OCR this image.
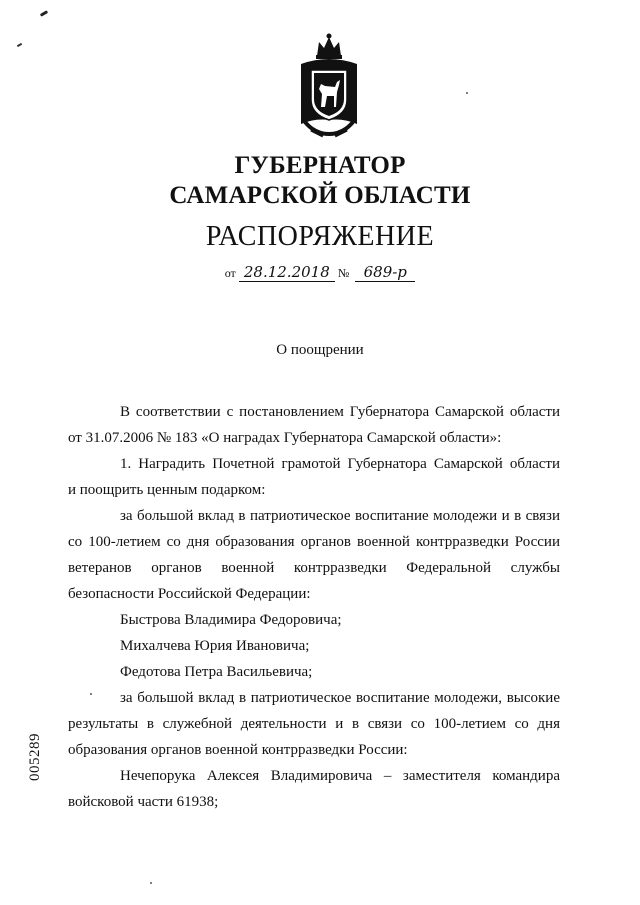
ГУБЕРНАТОР
САМАРСКОЙ ОБЛАСТИ
РАСПОРЯЖЕНИЕ
от 28.12.2018 № 689-р
О поощрении

В соответствии с постановлением Губернатора Самарской области

от 31.07.2006 № 183 «О наградах Губернатора Самарской области»:

1. Наградить Почетной грамотой Губернатора Самарской области

и поощрить ценным подарком:

за большой вклад в патриотическое воспитание молодежи и в связи

со 100-летием со дня образования органов военной контрразведки России

ветеранов органов военной контрразведки Федеральной службы

безопасности Российской Федерации:

Быстрова Владимира Федоровича;

Михалчева Юрия Ивановича;

Федотова Петра Васильевича;

за большой вклад в патриотическое воспитание молодежи, высокие

результаты в служебной деятельности и в связи со 100-летием со дня

образования органов военной контрразведки России:

Нечепорука Алексея Владимировича – заместителя командира

войсковой части 61938;

005289
